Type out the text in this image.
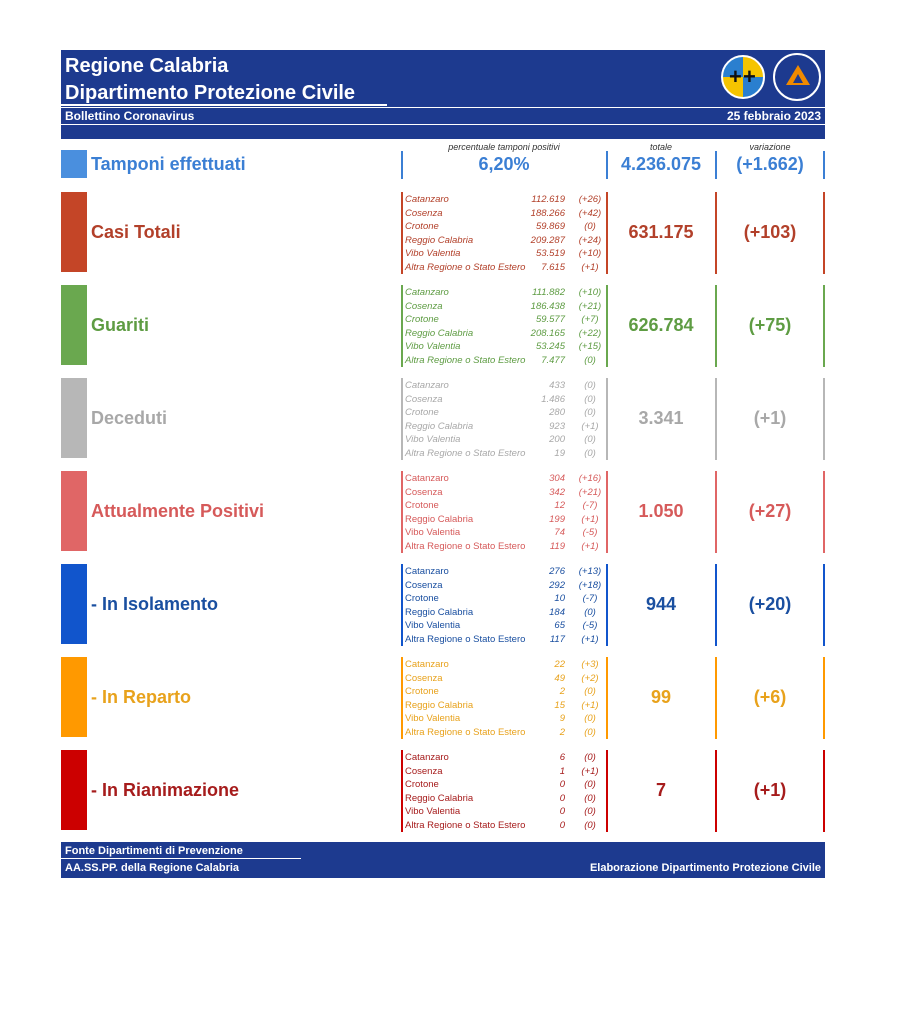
Regione Calabria
Dipartimento Protezione Civile
+ +
Bollettino Coronavirus	25 febbraio 2023
percentuale tamponi positivi	totale	variazione
Tamponi effettuati	6,20%	4.236.075	(+1.662)
Casi Totali
Catanzaro	112.619	(+26)
Cosenza	188.266	(+42)
Crotone	59.869	(0)
Reggio Calabria	209.287	(+24)
Vibo Valentia	53.519	(+10)
Altra Regione o Stato Estero 7.615	(+1)
631.175	(+103)
Guariti
Catanzaro	111.882	(+10)
Cosenza	186.438	(+21)
Crotone	59.577	(+7)
Reggio Calabria	208.165	(+22)
Vibo Valentia	53.245	(+15)
Altra Regione o Stato Estero 7.477	(0)
626.784	(+75)
Deceduti
Catanzaro	433	(0)
Cosenza	1.486	(0)
Crotone	280	(0)
Reggio Calabria	923	(+1)
Vibo Valentia	200	(0)
Altra Regione o Stato Estero	19	(0)
3.341	(+1)
Attualmente Positivi
Catanzaro	304	(+16)
Cosenza	342	(+21)
Crotone	12	(-7)
Reggio Calabria	199	(+1)
Vibo Valentia	74	(-5)
Altra Regione o Stato Estero	119	(+1)
1.050	(+27)
- In Isolamento
Catanzaro	276	(+13)
Cosenza	292	(+18)
Crotone	10	(-7)
Reggio Calabria	184	(0)
Vibo Valentia	65	(-5)
Altra Regione o Stato Estero	117	(+1)
944	(+20)
- In Reparto
Catanzaro	22	(+3)
Cosenza	49	(+2)
Crotone	2	(0)
Reggio Calabria	15	(+1)
Vibo Valentia	9	(0)
Altra Regione o Stato Estero	2	(0)
99	(+6)
- In Rianimazione
Catanzaro	6	(0)
Cosenza	1	(+1)
Crotone	0	(0)
Reggio Calabria	0	(0)
Vibo Valentia	0	(0)
Altra Regione o Stato Estero	0	(0)
7	(+1)
Fonte Dipartimenti di Prevenzione
AA.SS.PP. della Regione Calabria	Elaborazione Dipartimento Protezione Civile
